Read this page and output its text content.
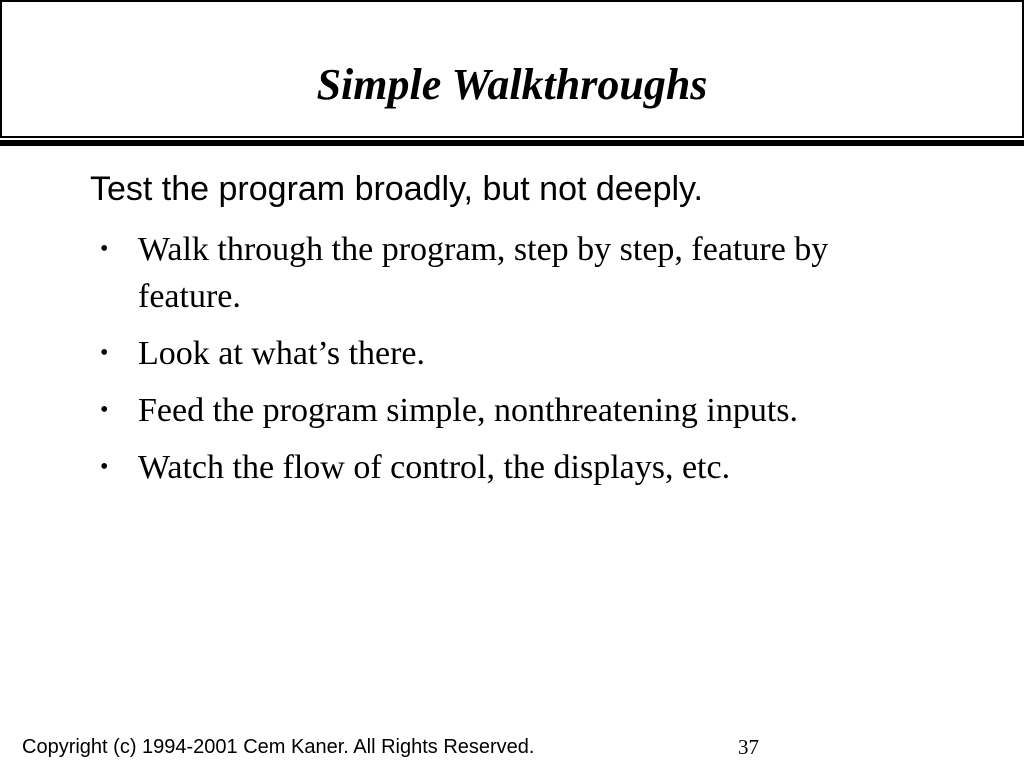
Simple Walkthroughs

Test the program broadly, but not deeply.

• Walk through the program, step by step, feature by feature.
• Look at what’s there.
• Feed the program simple, nonthreatening inputs.
• Watch the flow of control, the displays, etc.

Copyright (c) 1994-2001 Cem Kaner. All Rights Reserved.	37
